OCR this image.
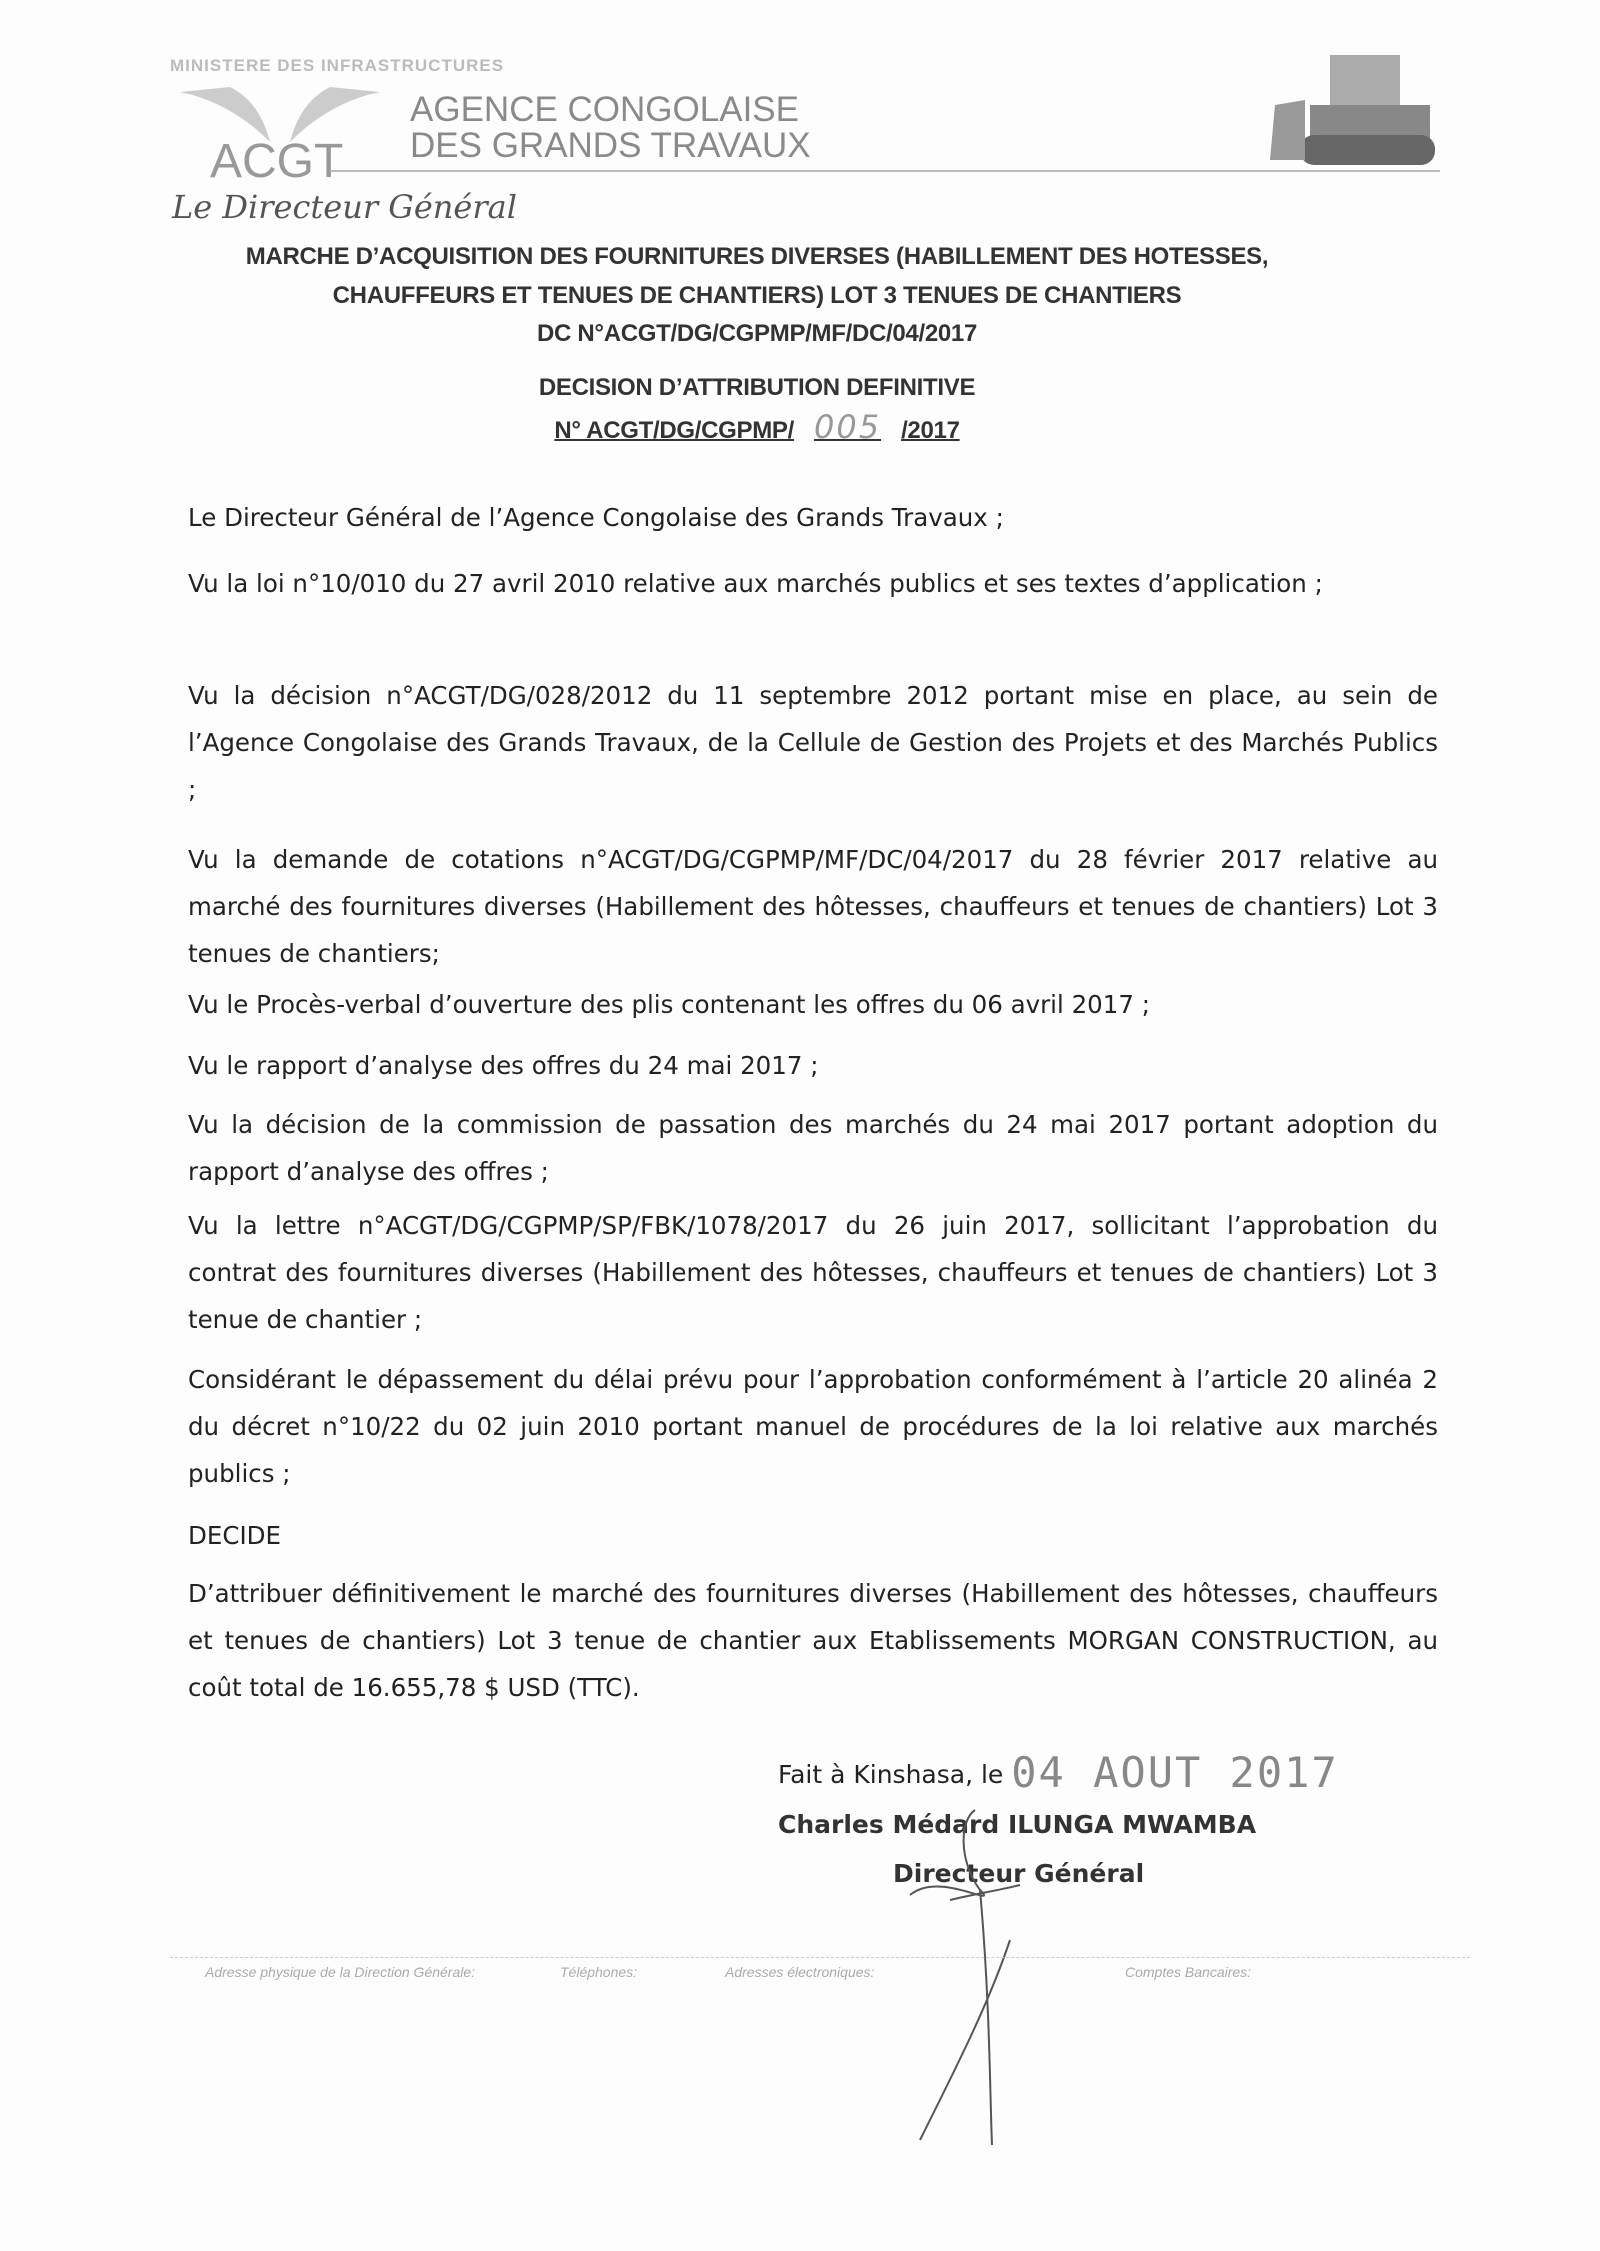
MINISTERE DES INFRASTRUCTURES
ACGT
AGENCE CONGOLAISE
DES GRANDS TRAVAUX
Le Directeur Général
MARCHE D’ACQUISITION DES FOURNITURES DIVERSES (HABILLEMENT DES HOTESSES,
CHAUFFEURS ET TENUES DE CHANTIERS) LOT 3 TENUES DE CHANTIERS
DC N°ACGT/DG/CGPMP/MF/DC/04/2017
DECISION D’ATTRIBUTION DEFINITIVE
N° ACGT/DG/CGPMP/ 005 /2017
Le Directeur Général de l’Agence Congolaise des Grands Travaux ;
Vu la loi n°10/010 du 27 avril 2010 relative aux marchés publics et ses textes d’application ;
Vu la décision n°ACGT/DG/028/2012 du 11 septembre 2012 portant mise en place, au sein de l’Agence Congolaise des Grands Travaux, de la Cellule de Gestion des Projets et des Marchés Publics ;
Vu la demande de cotations n°ACGT/DG/CGPMP/MF/DC/04/2017 du 28 février 2017 relative au marché des fournitures diverses (Habillement des hôtesses, chauffeurs et tenues de chantiers) Lot 3 tenues de chantiers;
Vu le Procès-verbal d’ouverture des plis contenant les offres du 06 avril 2017 ;
Vu le rapport d’analyse des offres du 24 mai 2017 ;
Vu la décision de la commission de passation des marchés du 24 mai 2017 portant adoption du rapport d’analyse des offres ;
Vu la lettre n°ACGT/DG/CGPMP/SP/FBK/1078/2017 du 26 juin 2017, sollicitant l’approbation du contrat des fournitures diverses (Habillement des hôtesses, chauffeurs et tenues de chantiers) Lot 3 tenue de chantier ;
Considérant le dépassement du délai prévu pour l’approbation conformément à l’article 20 alinéa 2 du décret n°10/22 du 02 juin 2010 portant manuel de procédures de la loi relative aux marchés publics ;
DECIDE
D’attribuer définitivement le marché des fournitures diverses (Habillement des hôtesses, chauffeurs et tenues de chantiers) Lot 3 tenue de chantier aux Etablissements MORGAN CONSTRUCTION, au coût total de 16.655,78 $ USD (TTC).
Fait à Kinshasa, le 04 AOUT 2017
Charles Médard ILUNGA MWAMBA
Directeur Général
Adresse physique de la Direction Générale:	Téléphones:	Adresses électroniques:	Comptes Bancaires:
